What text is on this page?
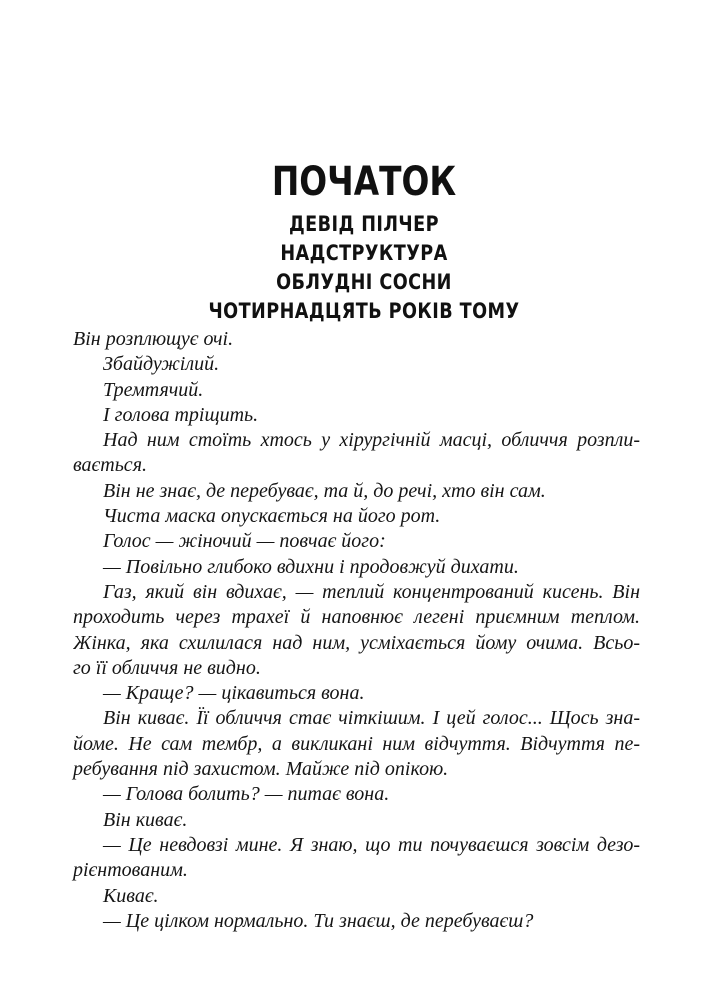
ПОЧАТОК
ДЕВІД ПІЛЧЕР
НАДСТРУКТУРА
ОБЛУДНІ СОСНИ
ЧОТИРНАДЦЯТЬ РОКІВ ТОМУ
Він розплющує очі.
Збайдужілий.
Тремтячий.
І голова тріщить.
Над ним стоїть хтось у хірургічній масці, обличчя розпли-
вається.
Він не знає, де перебуває, та й, до речі, хто він сам.
Чиста маска опускається на його рот.
Голос — жіночий — повчає його:
— Повільно глибоко вдихни і продовжуй дихати.
Газ, який він вдихає, — теплий концентрований кисень. Він
проходить через трахеї й наповнює легені приємним теплом.
Жінка, яка схилилася над ним, усміхається йому очима. Всьо-
го її обличчя не видно.
— Краще? — цікавиться вона.
Він киває. Її обличчя стає чіткішим. І цей голос... Щось зна-
йоме. Не сам тембр, а викликані ним відчуття. Відчуття пе-
ребування під захистом. Майже під опікою.
— Голова болить? — питає вона.
Він киває.
— Це невдовзі мине. Я знаю, що ти почуваєшся зовсім дезо-
рієнтованим.
Киває.
— Це цілком нормально. Ти знаєш, де перебуваєш?
